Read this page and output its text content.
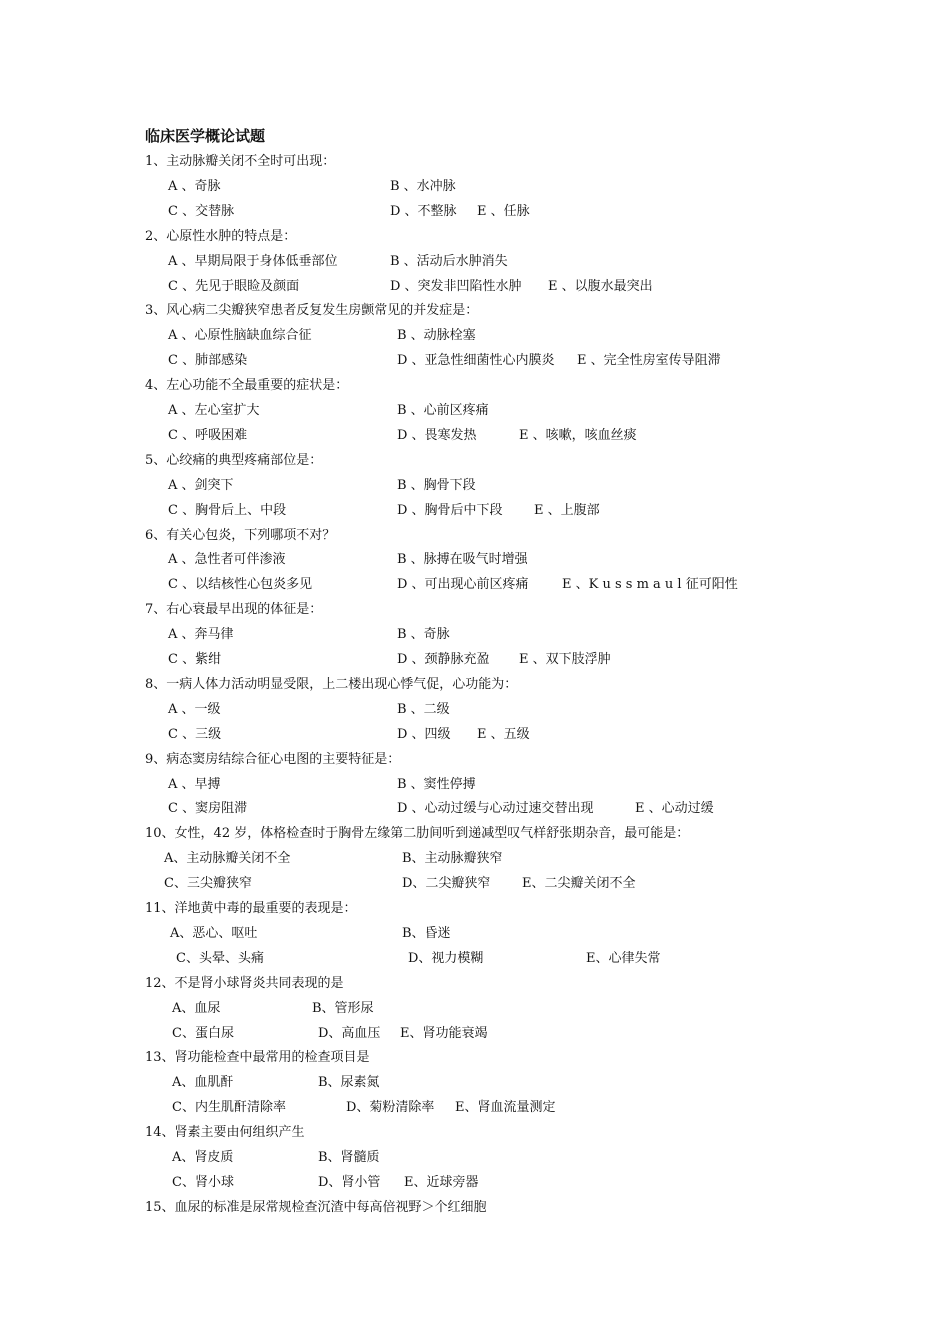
临床医学概论试题
1、主动脉瓣关闭不全时可出现：
A 、奇脉	B 、水冲脉
C 、交替脉	D 、不整脉 E 、任脉
2、心原性水肿的特点是：
A 、早期局限于身体低垂部位	B 、活动后水肿消失
C 、先见于眼睑及颜面	D 、突发非凹陷性水肿 E 、以腹水最突出
3、风心病二尖瓣狭窄患者反复发生房颤常见的并发症是：
A 、心原性脑缺血综合征	B 、动脉栓塞
C 、肺部感染	D 、亚急性细菌性心内膜炎 E 、完全性房室传导阻滞
4、左心功能不全最重要的症状是：
A 、左心室扩大	B 、心前区疼痛
C 、呼吸困难	D 、畏寒发热	E 、咳嗽，咳血丝痰
5、心绞痛的典型疼痛部位是：
A 、剑突下	B 、胸骨下段
C 、胸骨后上、中段	D 、胸骨后中下段 E 、上腹部
6、有关心包炎，下列哪项不对？
A 、急性者可伴渗液	B 、脉搏在吸气时增强
C 、以结核性心包炎多见	D 、可出现心前区疼痛	E 、K u s s m a u l 征可阳性
7、右心衰最早出现的体征是：
A 、奔马律	B 、奇脉
C 、紫绀	D 、颈静脉充盈 E 、双下肢浮肿
8、一病人体力活动明显受限，上二楼出现心悸气促，心功能为：
A 、一级	B 、二级
C 、三级	D 、四级 E 、五级
9、病态窦房结综合征心电图的主要特征是：
A 、早搏	B 、窦性停搏
C 、窦房阻滞	D 、心动过缓与心动过速交替出现	E 、心动过缓
10、女性，42 岁，体格检查时于胸骨左缘第二肋间听到递减型叹气样舒张期杂音，最可能是：
A、主动脉瓣关闭不全	B、主动脉瓣狭窄
C、三尖瓣狭窄	D、二尖瓣狭窄 E、二尖瓣关闭不全
11、洋地黄中毒的最重要的表现是：
A、恶心、呕吐	B、昏迷
C、头晕、头痛	D、视力模糊	E、心律失常
12、不是肾小球肾炎共同表现的是
A、血尿	B、管形尿
C、蛋白尿	D、高血压 E、肾功能衰竭
13、肾功能检查中最常用的检查项目是
A、血肌酐	B、尿素氮
C、内生肌酐清除率	D、菊粉清除率 E、肾血流量测定
14、肾素主要由何组织产生
A、肾皮质	B、肾髓质
C、肾小球	D、肾小管 E、近球旁器
15、血尿的标准是尿常规检查沉渣中每高倍视野＞个红细胞
